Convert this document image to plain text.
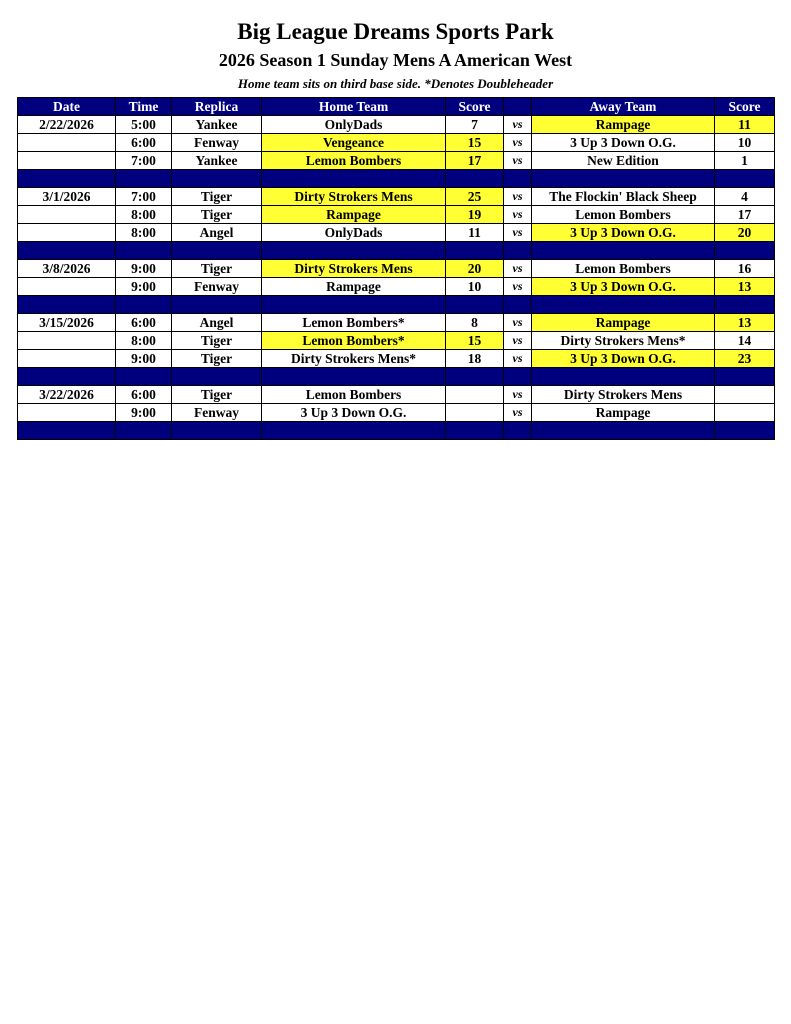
Big League Dreams Sports Park
2026 Season 1 Sunday Mens A American West
Home team sits on third base side. *Denotes Doubleheader
Date	Time	Replica	Home Team	Score		Away Team	Score
2/22/2026	5:00	Yankee	OnlyDads	7	vs	Rampage	11
	6:00	Fenway	Vengeance	15	vs	3 Up 3 Down O.G.	10
	7:00	Yankee	Lemon Bombers	17	vs	New Edition	1

3/1/2026	7:00	Tiger	Dirty Strokers Mens	25	vs	The Flockin' Black Sheep	4
	8:00	Tiger	Rampage	19	vs	Lemon Bombers	17
	8:00	Angel	OnlyDads	11	vs	3 Up 3 Down O.G.	20

3/8/2026	9:00	Tiger	Dirty Strokers Mens	20	vs	Lemon Bombers	16
	9:00	Fenway	Rampage	10	vs	3 Up 3 Down O.G.	13

3/15/2026	6:00	Angel	Lemon Bombers*	8	vs	Rampage	13
	8:00	Tiger	Lemon Bombers*	15	vs	Dirty Strokers Mens*	14
	9:00	Tiger	Dirty Strokers Mens*	18	vs	3 Up 3 Down O.G.	23

3/22/2026	6:00	Tiger	Lemon Bombers		vs	Dirty Strokers Mens	
	9:00	Fenway	3 Up 3 Down O.G.		vs	Rampage	
